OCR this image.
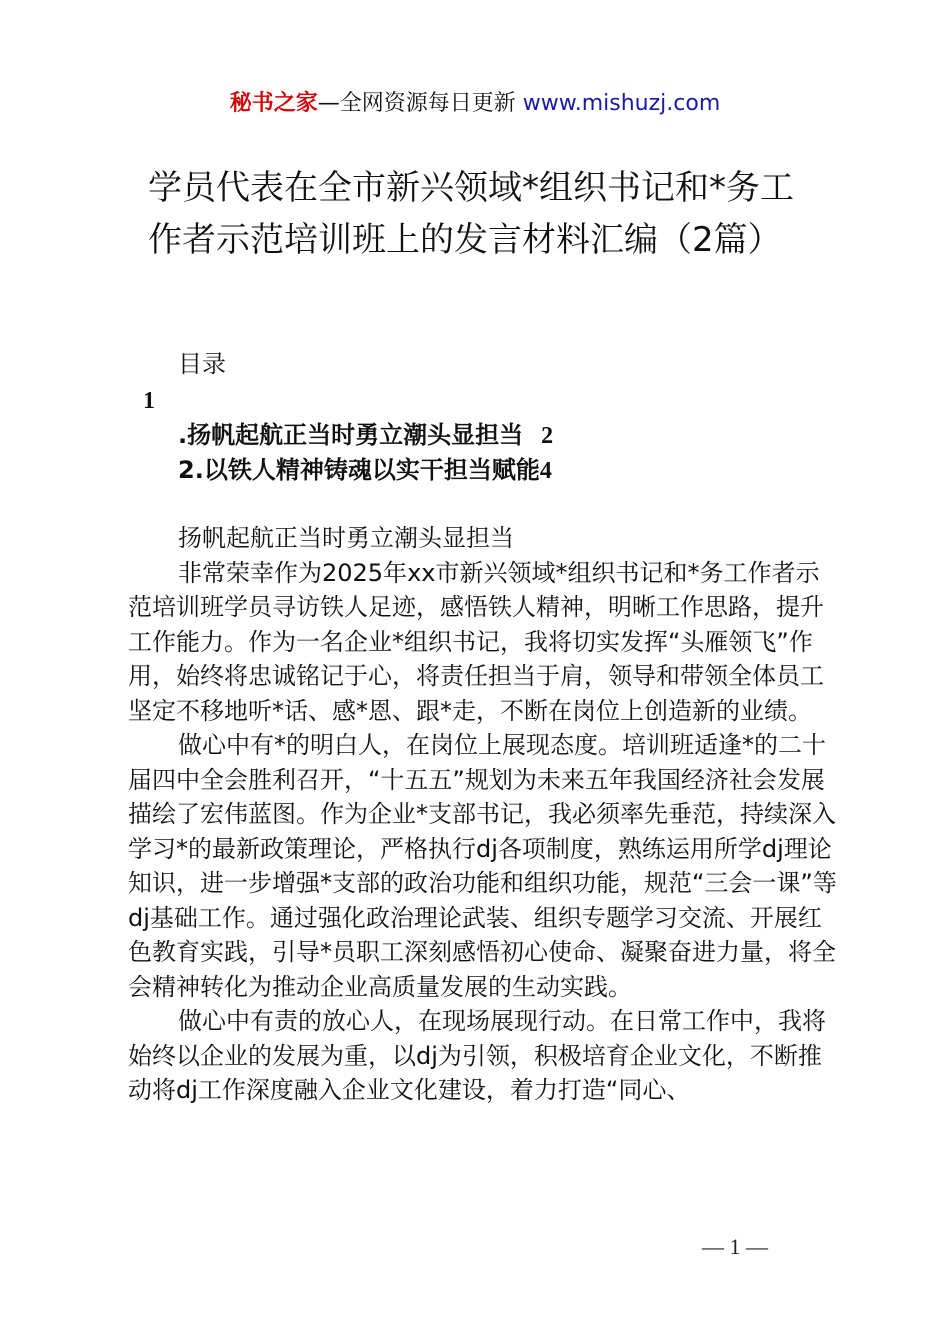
秘书之家—全网资源每日更新 www.mishuzj.com
学员代表在全市新兴领域*组织书记和*务工
作者示范培训班上的发言材料汇编（2篇）
目录
1
.扬帆起航正当时勇立潮头显担当 2
2.以铁人精神铸魂以实干担当赋能4

扬帆起航正当时勇立潮头显担当

非常荣幸作为2025年xx市新兴领域*组织书记和*务工作者示范培训班学员寻访铁人足迹，感悟铁人精神，明晰工作思路，提升工作能力。作为一名企业*组织书记，我将切实发挥“头雁领飞”作用，始终将忠诚铭记于心，将责任担当于肩，领导和带领全体员工坚定不移地听*话、感*恩、跟*走，不断在岗位上创造新的业绩。

做心中有*的明白人，在岗位上展现态度。培训班适逢*的二十届四中全会胜利召开，“十五五”规划为未来五年我国经济社会发展描绘了宏伟蓝图。作为企业*支部书记，我必须率先垂范，持续深入学习*的最新政策理论，严格执行dj各项制度，熟练运用所学dj理论知识，进一步增强*支部的政治功能和组织功能，规范“三会一课”等dj基础工作。通过强化政治理论武装、组织专题学习交流、开展红色教育实践，引导*员职工深刻感悟初心使命、凝聚奋进力量，将全会精神转化为推动企业高质量发展的生动实践。

做心中有责的放心人，在现场展现行动。在日常工作中，我将始终以企业的发展为重，以dj为引领，积极培育企业文化，不断推动将dj工作深度融入企业文化建设，着力打造“同心、

— 1 —
